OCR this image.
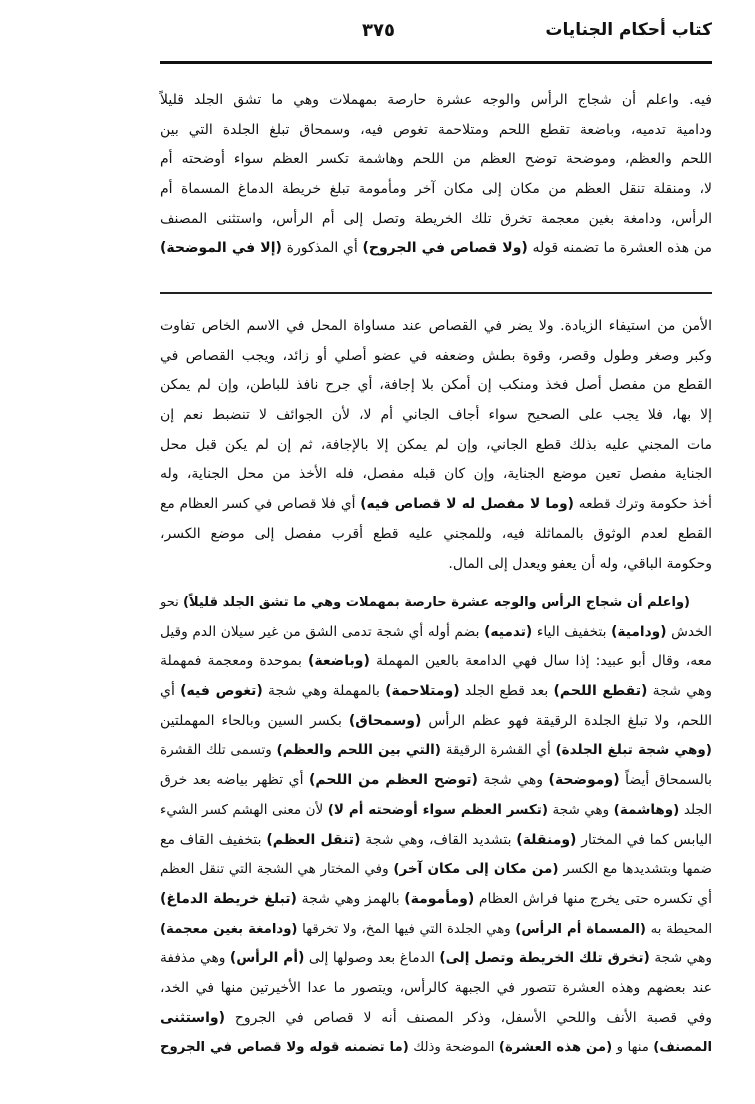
كتاب أحكام الجنايات
٣٧٥
فيه. واعلم أن شجاج الرأس والوجه عشرة حارصة بمهملات وهي ما تشق الجلد قليلاً
ودامية تدميه، وباضعة تقطع اللحم ومتلاحمة تغوص فيه، وسمحاق تبلغ الجلدة التي بين
اللحم والعظم، وموضحة توضح العظم من اللحم وهاشمة تكسر العظم سواء أوضحته أم
لا، ومنقلة تنقل العظم من مكان إلى مكان آخر ومأمومة تبلغ خريطة الدماغ المسماة أم
الرأس، ودامغة بغين معجمة تخرق تلك الخريطة وتصل إلى أم الرأس، واستثنى المصنف
من هذه العشرة ما تضمنه قوله (ولا قصاص في الجروح) أي المذكورة (إلا في الموضحة)
الأمن من استيفاء الزيادة. ولا يضر في القصاص عند مساواة المحل في الاسم الخاص تفاوت
وكبر وصغر وطول وقصر، وقوة بطش وضعفه في عضو أصلي أو زائد، ويجب القصاص في
القطع من مفصل أصل فخذ ومنكب إن أمكن بلا إجافة، أي جرح نافذ للباطن، وإن لم يمكن
إلا بها، فلا يجب على الصحيح سواء أجاف الجاني أم لا، لأن الجوائف لا تنضبط نعم إن
مات المجني عليه بذلك قطع الجاني، وإن لم يمكن إلا بالإجافة، ثم إن لم يكن قبل محل
الجناية مفصل تعين موضع الجناية، وإن كان قبله مفصل، فله الأخذ من محل الجناية، وله
أخذ حكومة وترك قطعه (وما لا مفصل له لا قصاص فيه) أي فلا قصاص في كسر العظام مع
القطع لعدم الوثوق بالمماثلة فيه، وللمجني عليه قطع أقرب مفصل إلى موضع الكسر،
وحكومة الباقي، وله أن يعفو ويعدل إلى المال.
(واعلم أن شجاج الرأس والوجه عشرة حارصة بمهملات وهي ما تشق الجلد قليلاً) نحو
الخدش (ودامية) بتخفيف الياء (تدميه) بضم أوله أي شجة تدمى الشق من غير سيلان الدم وقيل
معه، وقال أبو عبيد: إذا سال فهي الدامعة بالعين المهملة (وباضعة) بموحدة ومعجمة فمهملة
وهي شجة (تقطع اللحم) بعد قطع الجلد (ومتلاحمة) بالمهملة وهي شجة (تغوص فيه) أي
اللحم، ولا تبلغ الجلدة الرقيقة فهو عظم الرأس (وسمحاق) بكسر السين وبالحاء المهملتين
(وهي شجة تبلغ الجلدة) أي القشرة الرقيقة (التي بين اللحم والعظم) وتسمى تلك القشرة
بالسمحاق أيضاً (وموضحة) وهي شجة (توضح العظم من اللحم) أي تظهر بياضه بعد خرق
الجلد (وهاشمة) وهي شجة (تكسر العظم سواء أوضحته أم لا) لأن معنى الهشم كسر الشيء
اليابس كما في المختار (ومنقلة) بتشديد القاف، وهي شجة (تنقل العظم) بتخفيف القاف مع
ضمها وبتشديدها مع الكسر (من مكان إلى مكان آخر) وفي المختار هي الشجة التي تنقل العظم
أي تكسره حتى يخرج منها فراش العظام (ومأمومة) بالهمز وهي شجة (تبلغ خريطة الدماغ)
المحيطة به (المسماة أم الرأس) وهي الجلدة التي فيها المخ، ولا تخرقها (ودامغة بغين معجمة)
وهي شجة (تخرق تلك الخريطة وتصل إلى) الدماغ بعد وصولها إلى (أم الرأس) وهي مذففة
عند بعضهم وهذه العشرة تتصور في الجبهة كالرأس، ويتصور ما عدا الأخيرتين منها في الخد،
وفي قصبة الأنف واللحي الأسفل، وذكر المصنف أنه لا قصاص في الجروح (واستثنى
المصنف) منها و (من هذه العشرة) الموضحة وذلك (ما تضمنه قوله ولا قصاص في الجروح
